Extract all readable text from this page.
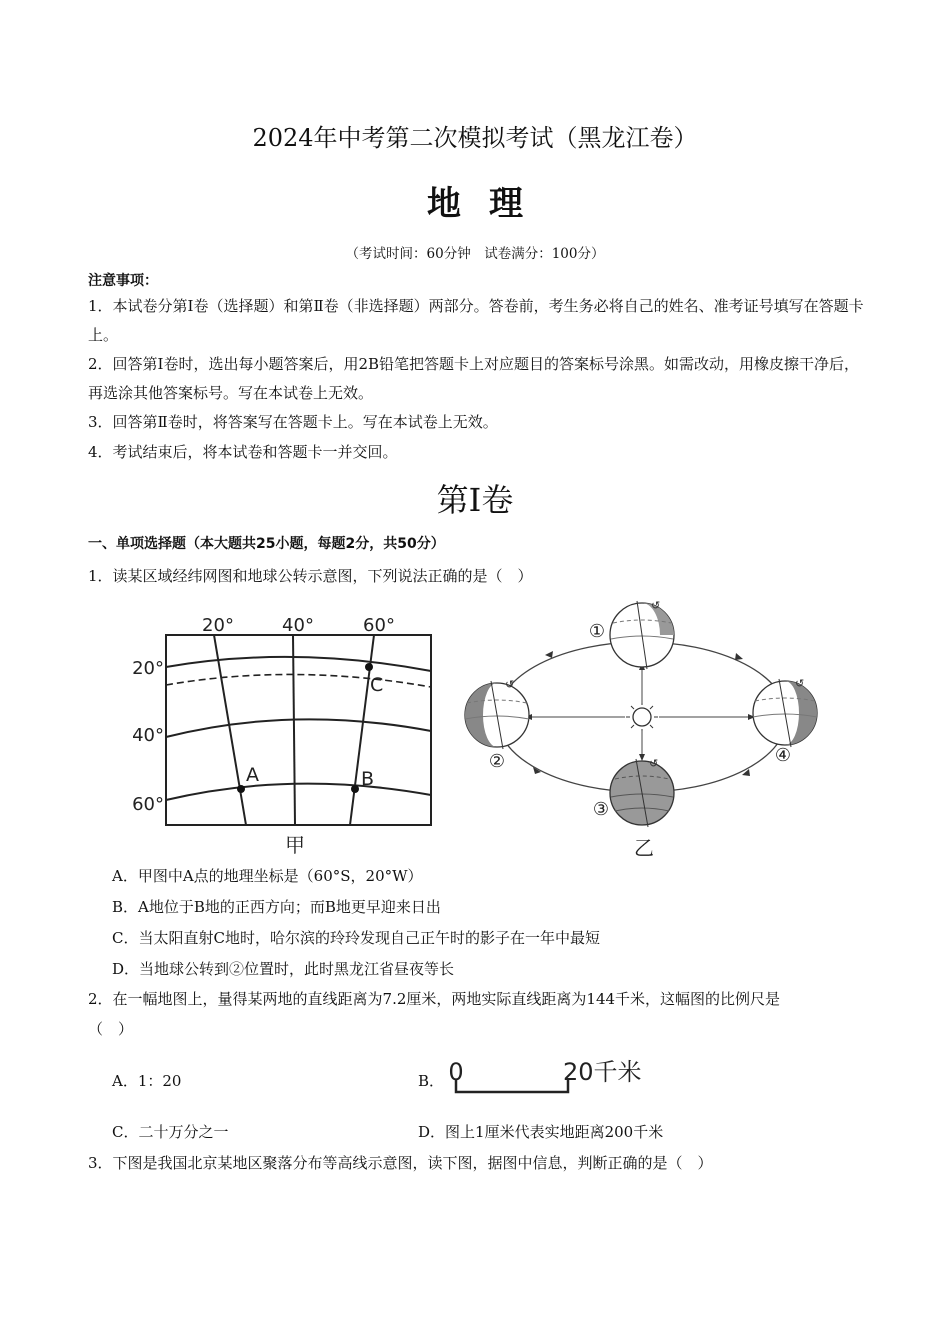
2024年中考第二次模拟考试（黑龙江卷）
地理
（考试时间：60分钟　试卷满分：100分）
注意事项：
1．本试卷分第Ⅰ卷（选择题）和第Ⅱ卷（非选择题）两部分。答卷前，考生务必将自己的姓名、准考证号填写在答题卡上。
2．回答第Ⅰ卷时，选出每小题答案后，用2B铅笔把答题卡上对应题目的答案标号涂黑。如需改动，用橡皮擦干净后，再选涂其他答案标号。写在本试卷上无效。
3．回答第Ⅱ卷时，将答案写在答题卡上。写在本试卷上无效。
4．考试结束后，将本试卷和答题卡一并交回。
第Ⅰ卷
一、单项选择题（本大题共25小题，每题2分，共50分）
1．读某区域经纬网图和地球公转示意图，下列说法正确的是（　）
20°	40°	60°
20°
40°
60°
A	B
C
甲
↺
↺
↺
↺
①
②
③
④
乙
A．甲图中A点的地理坐标是（60°S，20°W）
B．A地位于B地的正西方向；而B地更早迎来日出
C．当太阳直射C地时，哈尔滨的玲玲发现自己正午时的影子在一年中最短
D．当地球公转到②位置时，此时黑龙江省昼夜等长
2．在一幅地图上，量得某两地的直线距离为7.2厘米，两地实际直线距离为144千米，这幅图的比例尺是
（　）
A．1：20	B． 0	20千米
C．二十万分之一	D．图上1厘米代表实地距离200千米
3．下图是我国北京某地区聚落分布等高线示意图，读下图，据图中信息，判断正确的是（　）
